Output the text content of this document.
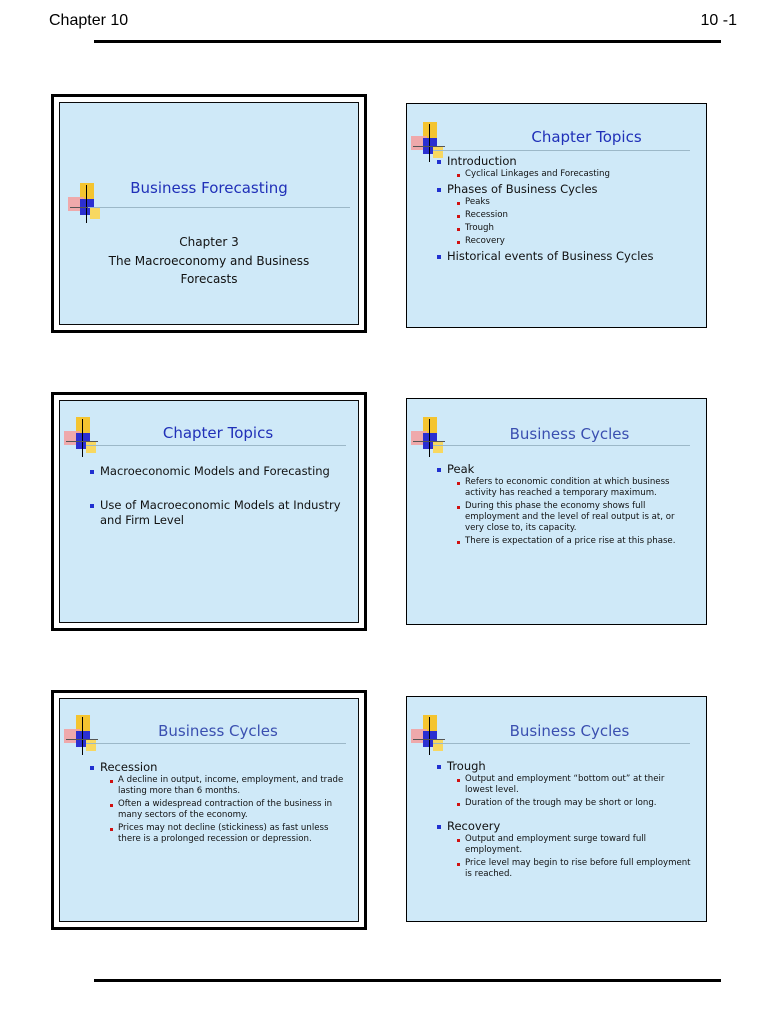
Chapter 10	10 -1
Business Forecasting
Chapter 3
The Macroeconomy and Business
Forecasts
Chapter Topics
Introduction
Cyclical Linkages and Forecasting
Phases of Business Cycles
Peaks
Recession
Trough
Recovery
Historical events of Business Cycles
Chapter Topics
Macroeconomic Models and Forecasting
Use of Macroeconomic Models at Industry and Firm Level
Business Cycles
Peak
Refers to economic condition at which business activity has reached a temporary maximum.
During this phase the economy shows full employment and the level of real output is at, or very close to, its capacity.
There is expectation of a price rise at this phase.
Business Cycles
Recession
A decline in output, income, employment, and trade lasting more than 6 months.
Often a widespread contraction of the business in many sectors of the economy.
Prices may not decline (stickiness) as fast unless there is a prolonged recession or depression.
Business Cycles
Trough
Output and employment “bottom out” at their lowest level.
Duration of the trough may be short or long.
Recovery
Output and employment surge toward full employment.
Price level may begin to rise before full employment is reached.
